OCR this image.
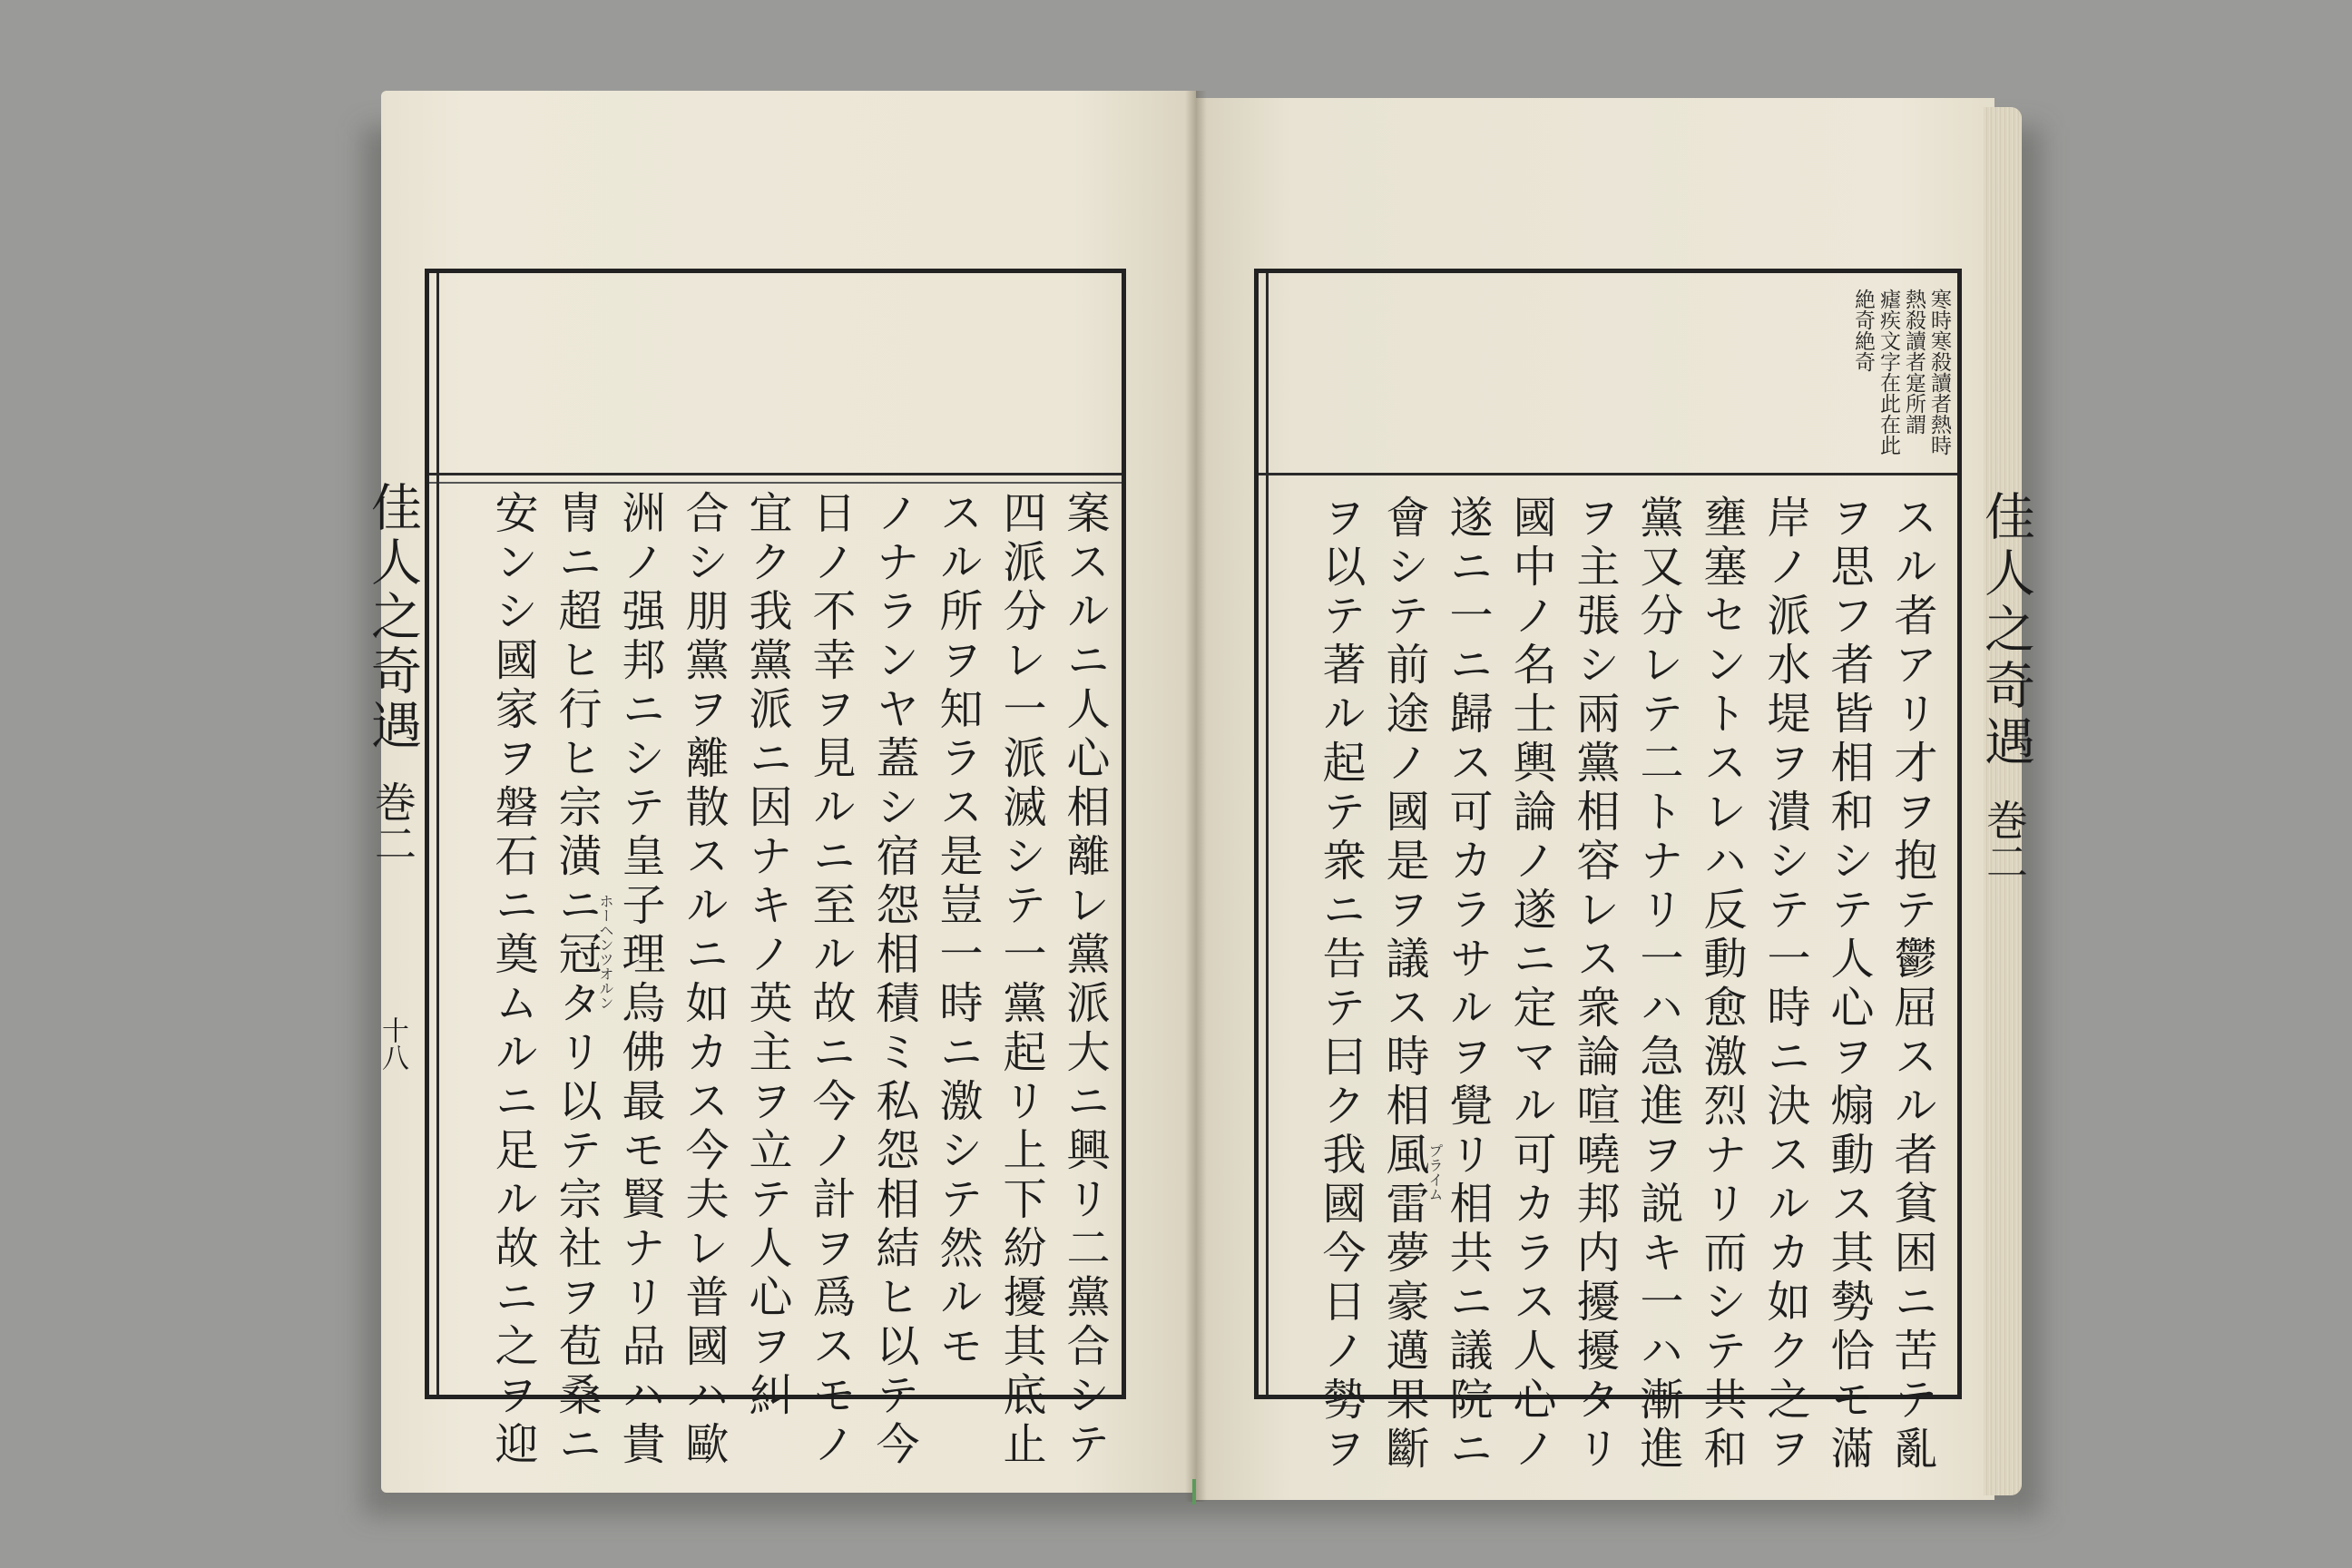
佳人之奇遇
巻二
十八	案スルニ人心相離レ黨派大ニ興リ二黨合シテ
四派分レ一派滅シテ一黨起リ上下紛擾其底止
スル所ヲ知ラス是豈一時ニ激シテ然ルモ
ノナランヤ蓋シ宿怨相積ミ私怨相結ヒ以テ今
日ノ不幸ヲ見ルニ至ル故ニ今ノ計ヲ爲スモノ
宜ク我黨派ニ因ナキノ英主ヲ立テ人心ヲ糾
合シ朋黨ヲ離散スルニ如カス今夫レ普國ハ歐
洲ノ强邦ニシテ皇子理烏佛最モ賢ナリ品ハ貴
冑ニ超ヒ行ヒ宗潢ニ冠タリ以テ宗社ヲ苞桑ニ
安ンシ國家ヲ磐石ニ奠ムルニ足ル故ニ之ヲ迎	ホーヘンツオルン
寒時寒殺讀者熱時
熱殺讀者寔所謂
瘧疾文字在此在此
絶奇絶奇
佳人之奇遇
巻二
スル者アリ才ヲ抱テ鬱屈スル者貧困ニ苦テ亂
ヲ思フ者皆相和シテ人心ヲ煽動ス其勢恰モ滿
岸ノ派水堤ヲ潰シテ一時ニ決スルカ如ク之ヲ
壅塞セントスレハ反動愈激烈ナリ而シテ共和
黨又分レテ二トナリ一ハ急進ヲ説キ一ハ漸進
ヲ主張シ兩黨相容レス衆論喧嘵邦内擾擾タリ
國中ノ名士輿論ノ遂ニ定マル可カラス人心ノ
遂ニ一ニ歸ス可カラサルヲ覺リ相共ニ議院ニ
會シテ前途ノ國是ヲ議ス時相風雷夢豪邁果斷
ヲ以テ著ル起テ衆ニ告テ曰ク我國今日ノ勢ヲ	プライム
